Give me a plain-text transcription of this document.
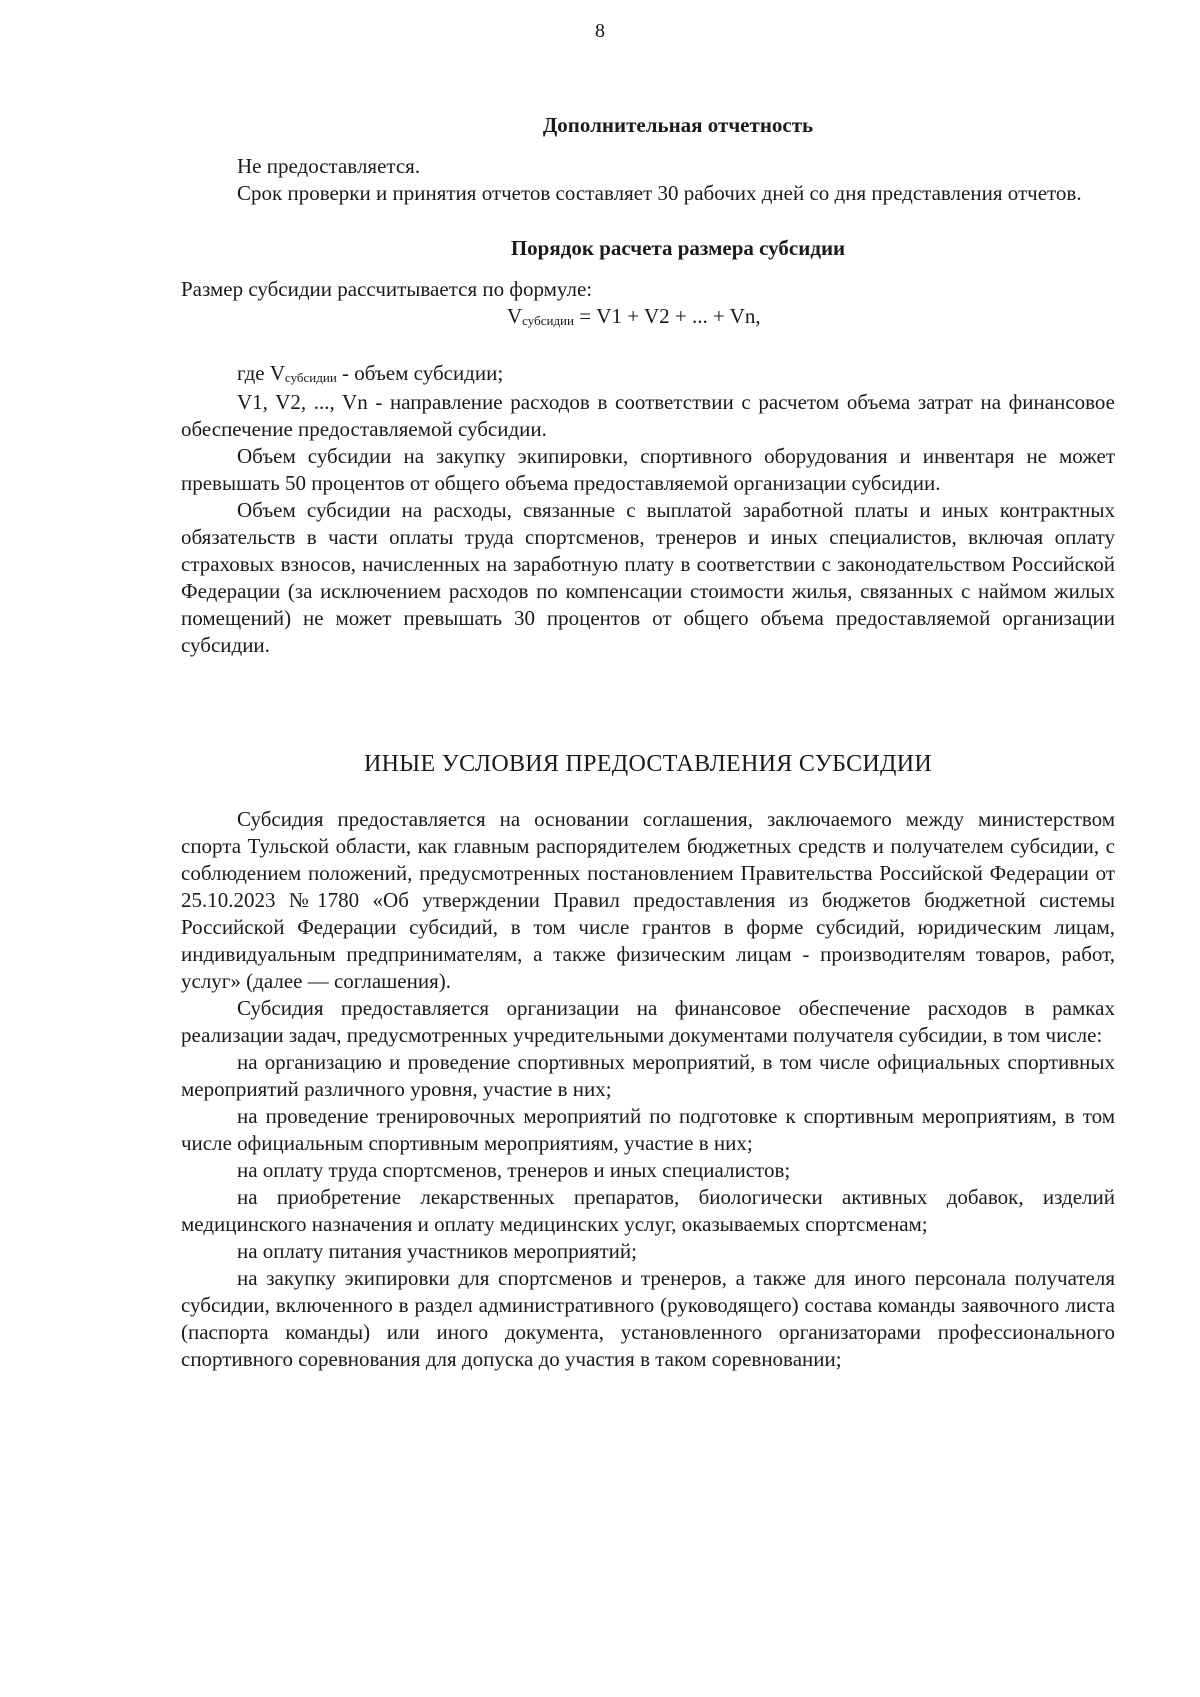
8
Дополнительная отчетность

Не предоставляется.

Срок проверки и принятия отчетов составляет 30 рабочих дней со дня представления отчетов.

Порядок расчета размера субсидии

Размер субсидии рассчитывается по формуле:

$V_{субсидии} = V1 + V2$ + ... + Vn,

где $V_{субсидии}$ - объем субсидии;

V1, V2, ..., Vn - направление расходов в соответствии с расчетом объема затрат на финансовое обеспечение предоставляемой субсидии.

Объем субсидии на закупку экипировки, спортивного оборудования и инвентаря не может превышать 50 процентов от общего объема предоставляемой организации субсидии.

Объем субсидии на расходы, связанные с выплатой заработной платы и иных контрактных обязательств в части оплаты труда спортсменов, тренеров и иных специалистов, включая оплату страховых взносов, начисленных на заработную плату в соответствии с законодательством Российской Федерации (за исключением расходов по компенсации стоимости жилья, связанных с наймом жилых помещений) не может превышать 30 процентов от общего объема предоставляемой организации субсидии.

ИНЫЕ УСЛОВИЯ ПРЕДОСТАВЛЕНИЯ СУБСИДИИ

Субсидия предоставляется на основании соглашения, заключаемого между министерством спорта Тульской области, как главным распорядителем бюджетных средств и получателем субсидии, с соблюдением положений, предусмотренных постановлением Правительства Российской Федерации от 25.10.2023 №1780 «Об утверждении Правил предоставления из бюджетов бюджетной системы Российской Федерации субсидий, в том числе грантов в форме субсидий, юридическим лицам, индивидуальным предпринимателям, а также физическим лицам - производителям товаров, работ, услуг» (далее — соглашения).

Субсидия предоставляется организации на финансовое обеспечение расходов в рамках реализации задач, предусмотренных учредительными документами получателя субсидии, в том числе:

на организацию и проведение спортивных мероприятий, в том числе официальных спортивных мероприятий различного уровня, участие в них;

на проведение тренировочных мероприятий по подготовке к спортивным мероприятиям, в том числе официальным спортивным мероприятиям, участие в них;

на оплату труда спортсменов, тренеров и иных специалистов;

на приобретение лекарственных препаратов, биологически активных добавок, изделий медицинского назначения и оплату медицинских услуг, оказываемых спортсменам;

на оплату питания участников мероприятий;

на закупку экипировки для спортсменов и тренеров, а также для иного персонала получателя субсидии, включенного в раздел административного (руководящего) состава команды заявочного листа (паспорта команды) или иного документа, установленного организаторами профессионального спортивного соревнования для допуска до участия в таком соревновании;
